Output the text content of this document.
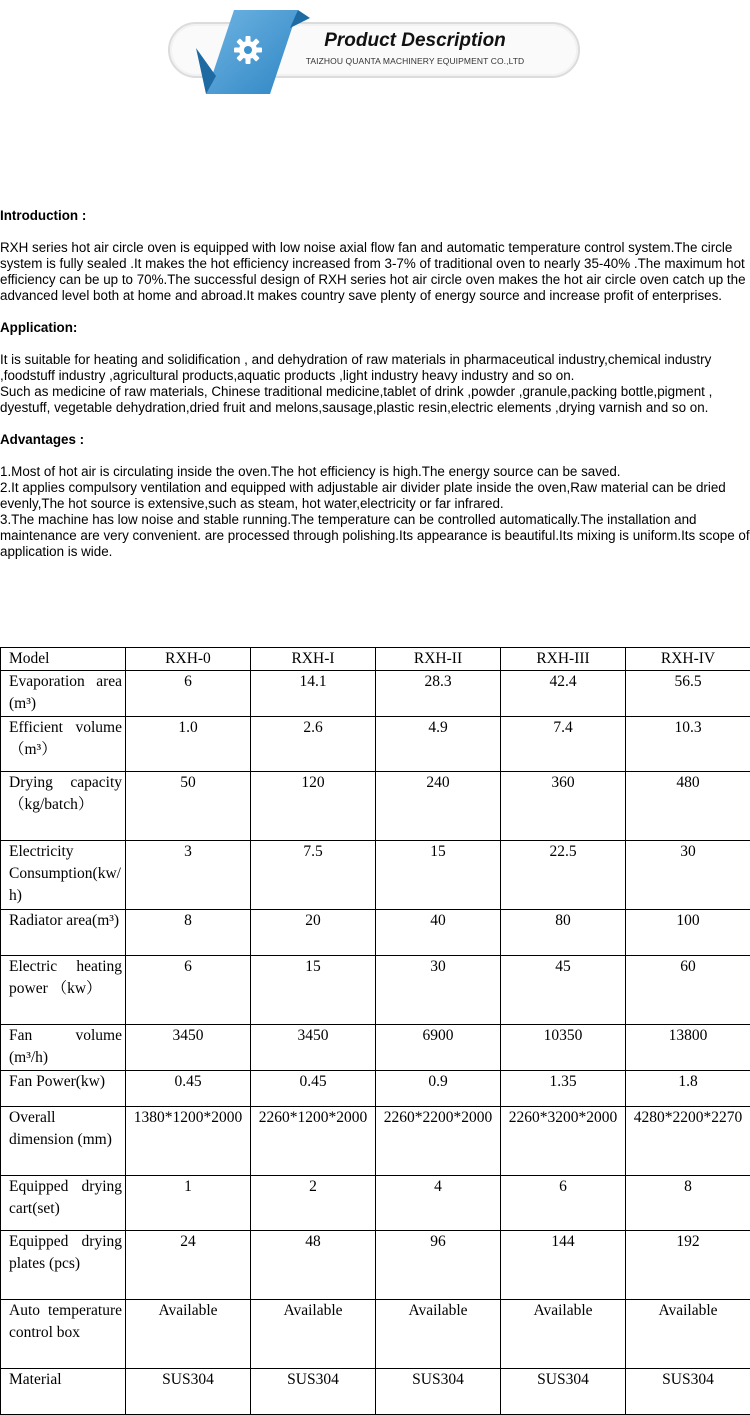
Product Description
TAIZHOU QUANTA MACHINERY EQUIPMENT CO.,LTD

Introduction :

RXH series hot air circle oven is equipped with low noise axial flow fan and automatic temperature control system.The circle system is fully sealed .It makes the hot efficiency increased from 3-7% of traditional oven to nearly 35-40% .The maximum hot efficiency can be up to 70%.The successful design of RXH series hot air circle oven makes the hot air circle oven catch up the advanced level both at home and abroad.It makes country save plenty of energy source and increase profit of enterprises.

Application:

It is suitable for heating and solidification , and dehydration of raw materials in pharmaceutical industry,chemical industry ,foodstuff industry ,agricultural products,aquatic products ,light industry heavy industry and so on.

Such as medicine of raw materials, Chinese traditional medicine,tablet of drink ,powder ,granule,packing bottle,pigment , dyestuff, vegetable dehydration,dried fruit and melons,sausage,plastic resin,electric elements ,drying varnish and so on.

Advantages :

1.Most of hot air is circulating inside the oven.The hot efficiency is high.The energy source can be saved.

2.It applies compulsory ventilation and equipped with adjustable air divider plate inside the oven,Raw material can be dried evenly,The hot source is extensive,such as steam, hot water,electricity or far infrared.

3.The machine has low noise and stable running.The temperature can be controlled automatically.The installation and maintenance are very convenient. are processed through polishing.Its appearance is beautiful.Its mixing is uniform.Its scope of application is wide.

Model	RXH-0	RXH-I	RXH-II	RXH-III	RXH-IV
Evaporation area (m³)	6	14.1	28.3	42.4	56.5
Efficient volume（m³）	1.0	2.6	4.9	7.4	10.3
Drying capacity （kg/batch）	50	120	240	360	480
Electricity Consumption(kw/h)	3	7.5	15	22.5	30
Radiator area(m³)	8	20	40	80	100
Electric heating power （kw）	6	15	30	45	60
Fan volume (m³/h)	3450	3450	6900	10350	13800
Fan Power(kw)	0.45	0.45	0.9	1.35	1.8
Overall dimension (mm)	1380*1200*2000	2260*1200*2000	2260*2200*2000	2260*3200*2000	4280*2200*2270
Equipped drying cart(set)	1	2	4	6	8
Equipped drying plates (pcs)	24	48	96	144	192
Auto temperature control box	Available	Available	Available	Available	Available
Material	SUS304	SUS304	SUS304	SUS304	SUS304
